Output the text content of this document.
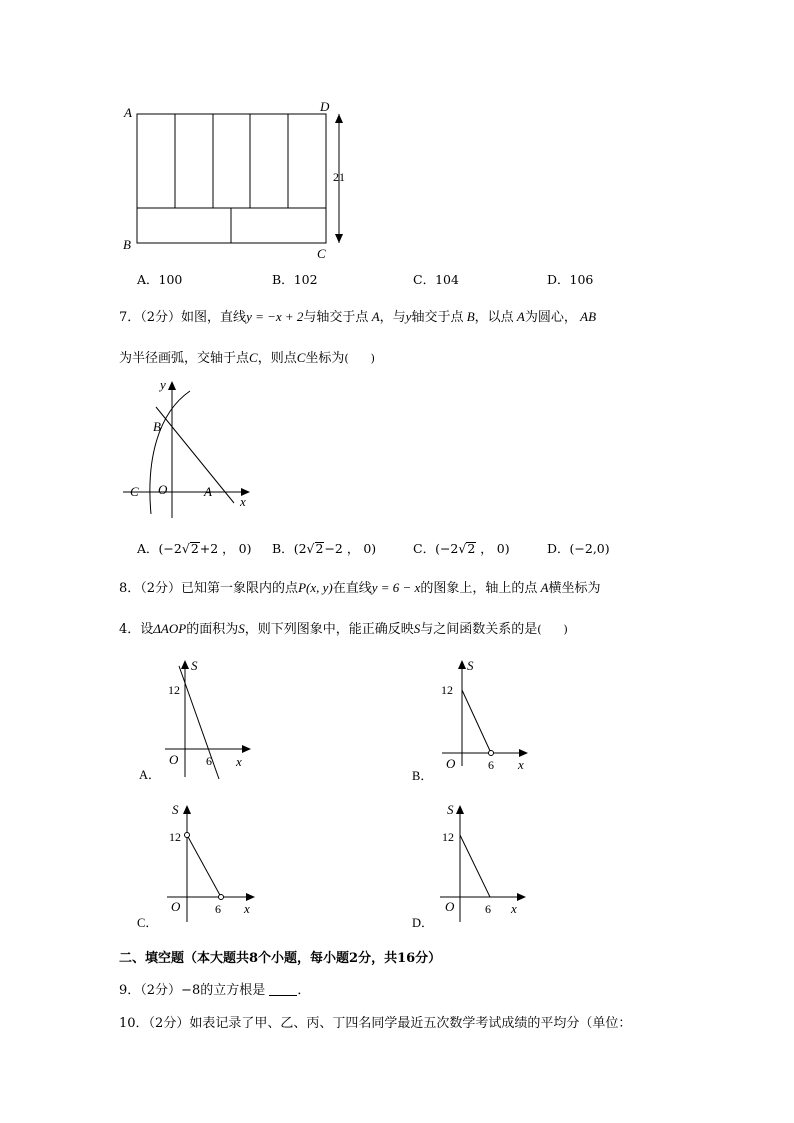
A	D
B
C
21
A．100	B．102	C．104	D．106
7．（2分）如图，直线y = −x + 2与轴交于点 A，与y轴交于点 B，以点 A为圆心， AB
为半径画弧，交轴于点C，则点C坐标为(　　)
y
x
B
C O	A
A．(−2√2+2 ， 0) B．(2√2−2 ， 0)	C．(−2√2 ， 0)	D．(−2,0)
8．（2分）已知第一象限内的点P(x, y)在直线y = 6 − x的图象上，轴上的点 A横坐标为
4．设ΔAOP的面积为S，则下列图象中，能正确反映S与之间函数关系的是(　　)
S
12
O 6 x
A．
S
12
O	6 x
B．
S
12
O	6 x
C．
S
12
O	6 x
D．
二、填空题（本大题共8个小题，每小题2分，共16分）
9．（2分）−8的立方根是 ．
10．（2分）如表记录了甲、乙、丙、丁四名同学最近五次数学考试成绩的平均分（单位：
